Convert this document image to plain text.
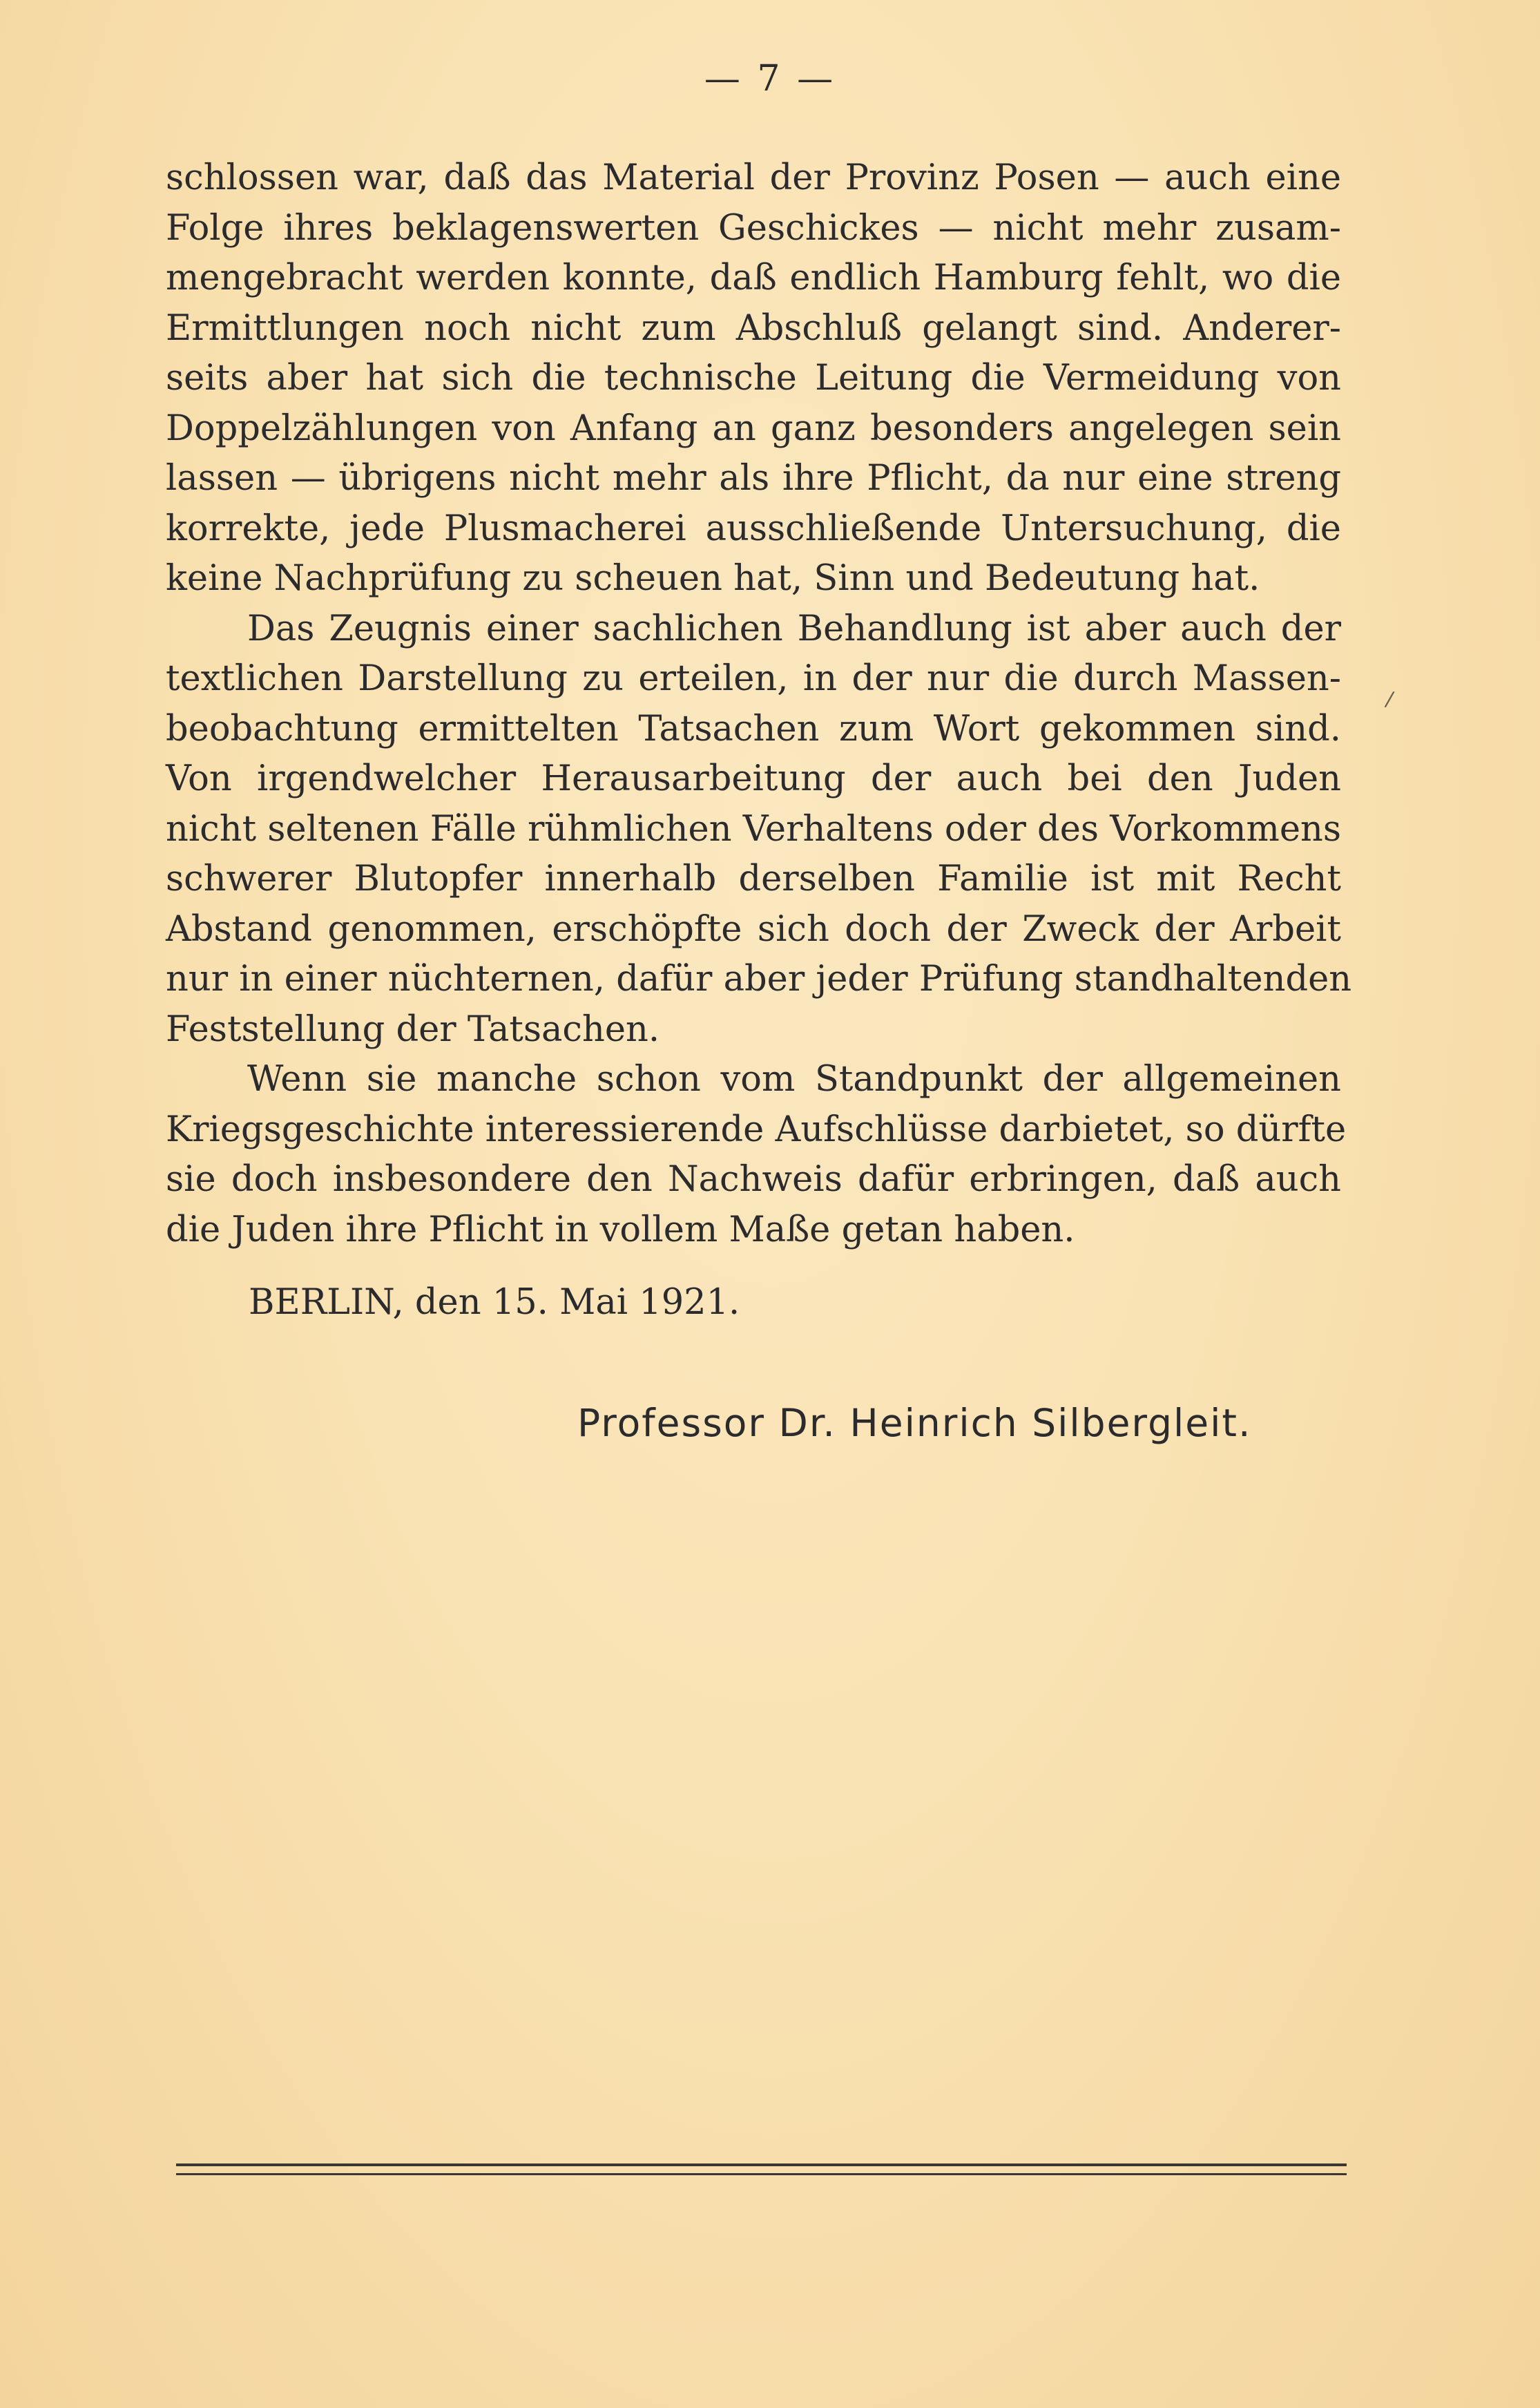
— 7 —
schlossen war, daß das Material der Provinz Posen — auch eine
Folge ihres beklagenswerten Geschickes — nicht mehr zusam-
mengebracht werden konnte, daß endlich Hamburg fehlt, wo die
Ermittlungen noch nicht zum Abschluß gelangt sind. Anderer-
seits aber hat sich die technische Leitung die Vermeidung von
Doppelzählungen von Anfang an ganz besonders angelegen sein
lassen — übrigens nicht mehr als ihre Pflicht, da nur eine streng
korrekte, jede Plusmacherei ausschließende Untersuchung, die
keine Nachprüfung zu scheuen hat, Sinn und Bedeutung hat.
Das Zeugnis einer sachlichen Behandlung ist aber auch der
textlichen Darstellung zu erteilen, in der nur die durch Massen-
beobachtung ermittelten Tatsachen zum Wort gekommen sind.
Von irgendwelcher Herausarbeitung der auch bei den Juden
nicht seltenen Fälle rühmlichen Verhaltens oder des Vorkommens
schwerer Blutopfer innerhalb derselben Familie ist mit Recht
Abstand genommen, erschöpfte sich doch der Zweck der Arbeit
nur in einer nüchternen, dafür aber jeder Prüfung standhaltenden
Feststellung der Tatsachen.
Wenn sie manche schon vom Standpunkt der allgemeinen
Kriegsgeschichte interessierende Aufschlüsse darbietet, so dürfte
sie doch insbesondere den Nachweis dafür erbringen, daß auch
die Juden ihre Pflicht in vollem Maße getan haben.
/
BERLIN, den 15. Mai 1921.
Professor Dr. Heinrich Silbergleit.
